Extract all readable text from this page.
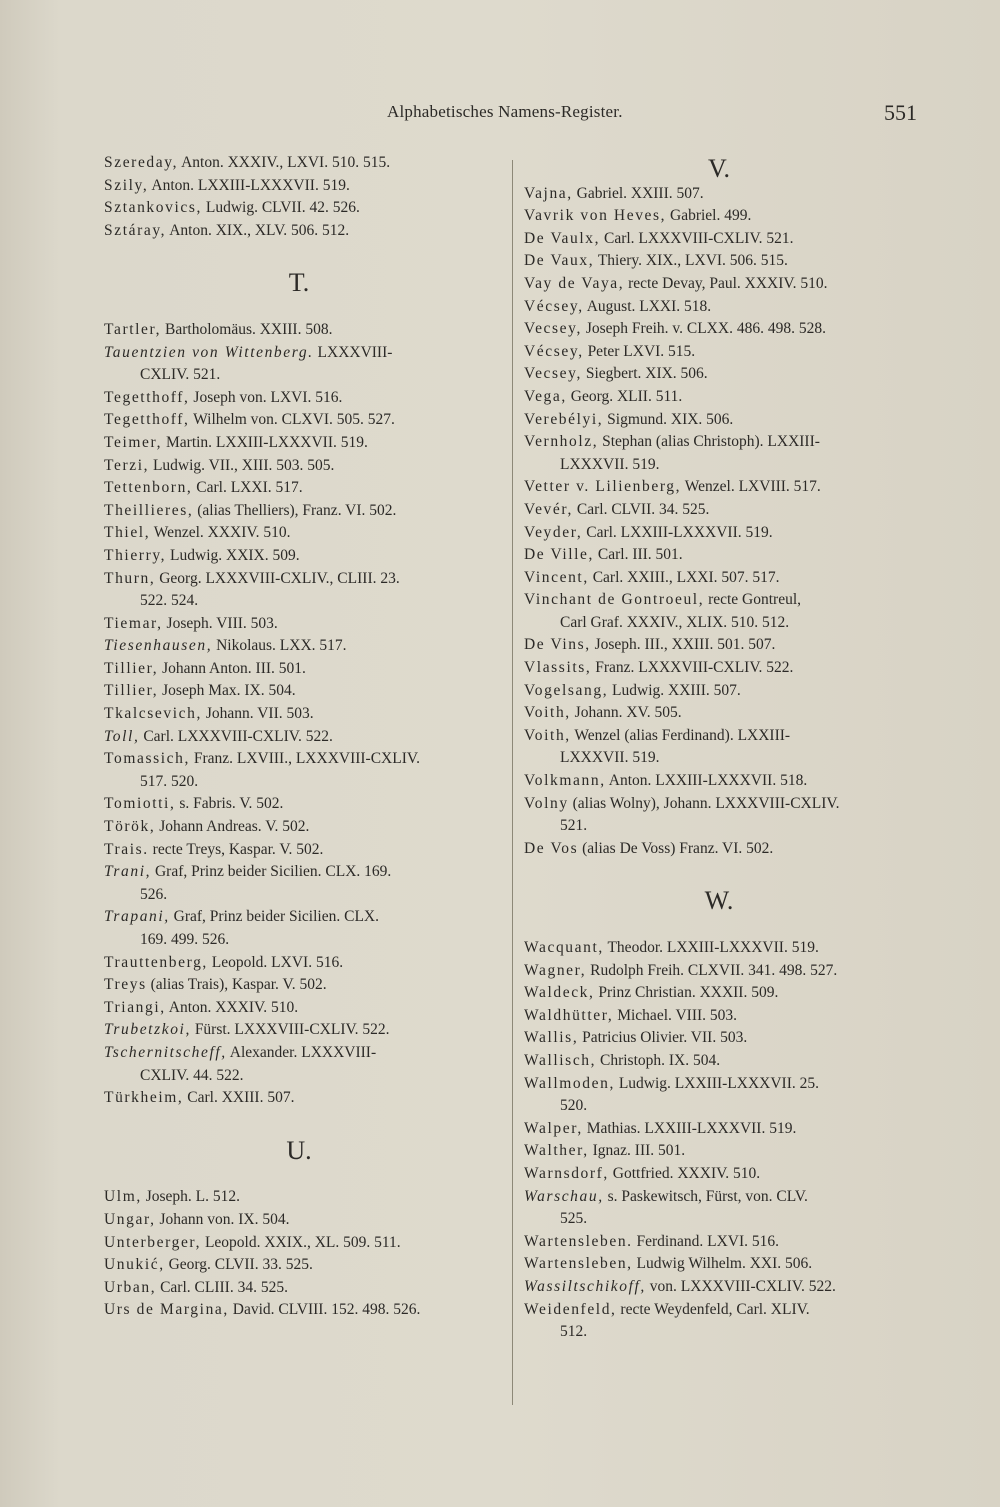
Alphabetisches Namens-Register.	551
Szereday, Anton. XXXIV., LXVI. 510. 515.
Szily, Anton. LXXIII-LXXXVII. 519.
Sztankovics, Ludwig. CLVII. 42. 526.
Sztáray, Anton. XIX., XLV. 506. 512.
T.
Tartler, Bartholomäus. XXIII. 508.
Tauentzien von Wittenberg. LXXXVIII-
CXLIV. 521.
Tegetthoff, Joseph von. LXVI. 516.
Tegetthoff, Wilhelm von. CLXVI. 505. 527.
Teimer, Martin. LXXIII-LXXXVII. 519.
Terzi, Ludwig. VII., XIII. 503. 505.
Tettenborn, Carl. LXXI. 517.
Theillieres, (alias Thelliers), Franz. VI. 502.
Thiel, Wenzel. XXXIV. 510.
Thierry, Ludwig. XXIX. 509.
Thurn, Georg. LXXXVIII-CXLIV., CLIII. 23.
522. 524.
Tiemar, Joseph. VIII. 503.
Tiesenhausen, Nikolaus. LXX. 517.
Tillier, Johann Anton. III. 501.
Tillier, Joseph Max. IX. 504.
Tkalcsevich, Johann. VII. 503.
Toll, Carl. LXXXVIII-CXLIV. 522.
Tomassich, Franz. LXVIII., LXXXVIII-CXLIV.
517. 520.
Tomiotti, s. Fabris. V. 502.
Török, Johann Andreas. V. 502.
Trais. recte Treys, Kaspar. V. 502.
Trani, Graf, Prinz beider Sicilien. CLX. 169.
526.
Trapani, Graf, Prinz beider Sicilien. CLX.
169. 499. 526.
Trauttenberg, Leopold. LXVI. 516.
Treys (alias Trais), Kaspar. V. 502.
Triangi, Anton. XXXIV. 510.
Trubetzkoi, Fürst. LXXXVIII-CXLIV. 522.
Tschernitscheff, Alexander. LXXXVIII-
CXLIV. 44. 522.
Türkheim, Carl. XXIII. 507.
U.
Ulm, Joseph. L. 512.
Ungar, Johann von. IX. 504.
Unterberger, Leopold. XXIX., XL. 509. 511.
Unukić, Georg. CLVII. 33. 525.
Urban, Carl. CLIII. 34. 525.
Urs de Margina, David. CLVIII. 152. 498. 526.
V.
Vajna, Gabriel. XXIII. 507.
Vavrik von Heves, Gabriel. 499.
De Vaulx, Carl. LXXXVIII-CXLIV. 521.
De Vaux, Thiery. XIX., LXVI. 506. 515.
Vay de Vaya, recte Devay, Paul. XXXIV. 510.
Vécsey, August. LXXI. 518.
Vecsey, Joseph Freih. v. CLXX. 486. 498. 528.
Vécsey, Peter LXVI. 515.
Vecsey, Siegbert. XIX. 506.
Vega, Georg. XLII. 511.
Verebélyi, Sigmund. XIX. 506.
Vernholz, Stephan (alias Christoph). LXXIII-
LXXXVII. 519.
Vetter v. Lilienberg, Wenzel. LXVIII. 517.
Vevér, Carl. CLVII. 34. 525.
Veyder, Carl. LXXIII-LXXXVII. 519.
De Ville, Carl. III. 501.
Vincent, Carl. XXIII., LXXI. 507. 517.
Vinchant de Gontroeul, recte Gontreul,
Carl Graf. XXXIV., XLIX. 510. 512.
De Vins, Joseph. III., XXIII. 501. 507.
Vlassits, Franz. LXXXVIII-CXLIV. 522.
Vogelsang, Ludwig. XXIII. 507.
Voith, Johann. XV. 505.
Voith, Wenzel (alias Ferdinand). LXXIII-
LXXXVII. 519.
Volkmann, Anton. LXXIII-LXXXVII. 518.
Volny (alias Wolny), Johann. LXXXVIII-CXLIV.
521.
De Vos (alias De Voss) Franz. VI. 502.
W.
Wacquant, Theodor. LXXIII-LXXXVII. 519.
Wagner, Rudolph Freih. CLXVII. 341. 498. 527.
Waldeck, Prinz Christian. XXXII. 509.
Waldhütter, Michael. VIII. 503.
Wallis, Patricius Olivier. VII. 503.
Wallisch, Christoph. IX. 504.
Wallmoden, Ludwig. LXXIII-LXXXVII. 25.
520.
Walper, Mathias. LXXIII-LXXXVII. 519.
Walther, Ignaz. III. 501.
Warnsdorf, Gottfried. XXXIV. 510.
Warschau, s. Paskewitsch, Fürst, von. CLV.
525.
Wartensleben. Ferdinand. LXVI. 516.
Wartensleben, Ludwig Wilhelm. XXI. 506.
Wassiltschikoff, von. LXXXVIII-CXLIV. 522.
Weidenfeld, recte Weydenfeld, Carl. XLIV.
512.
